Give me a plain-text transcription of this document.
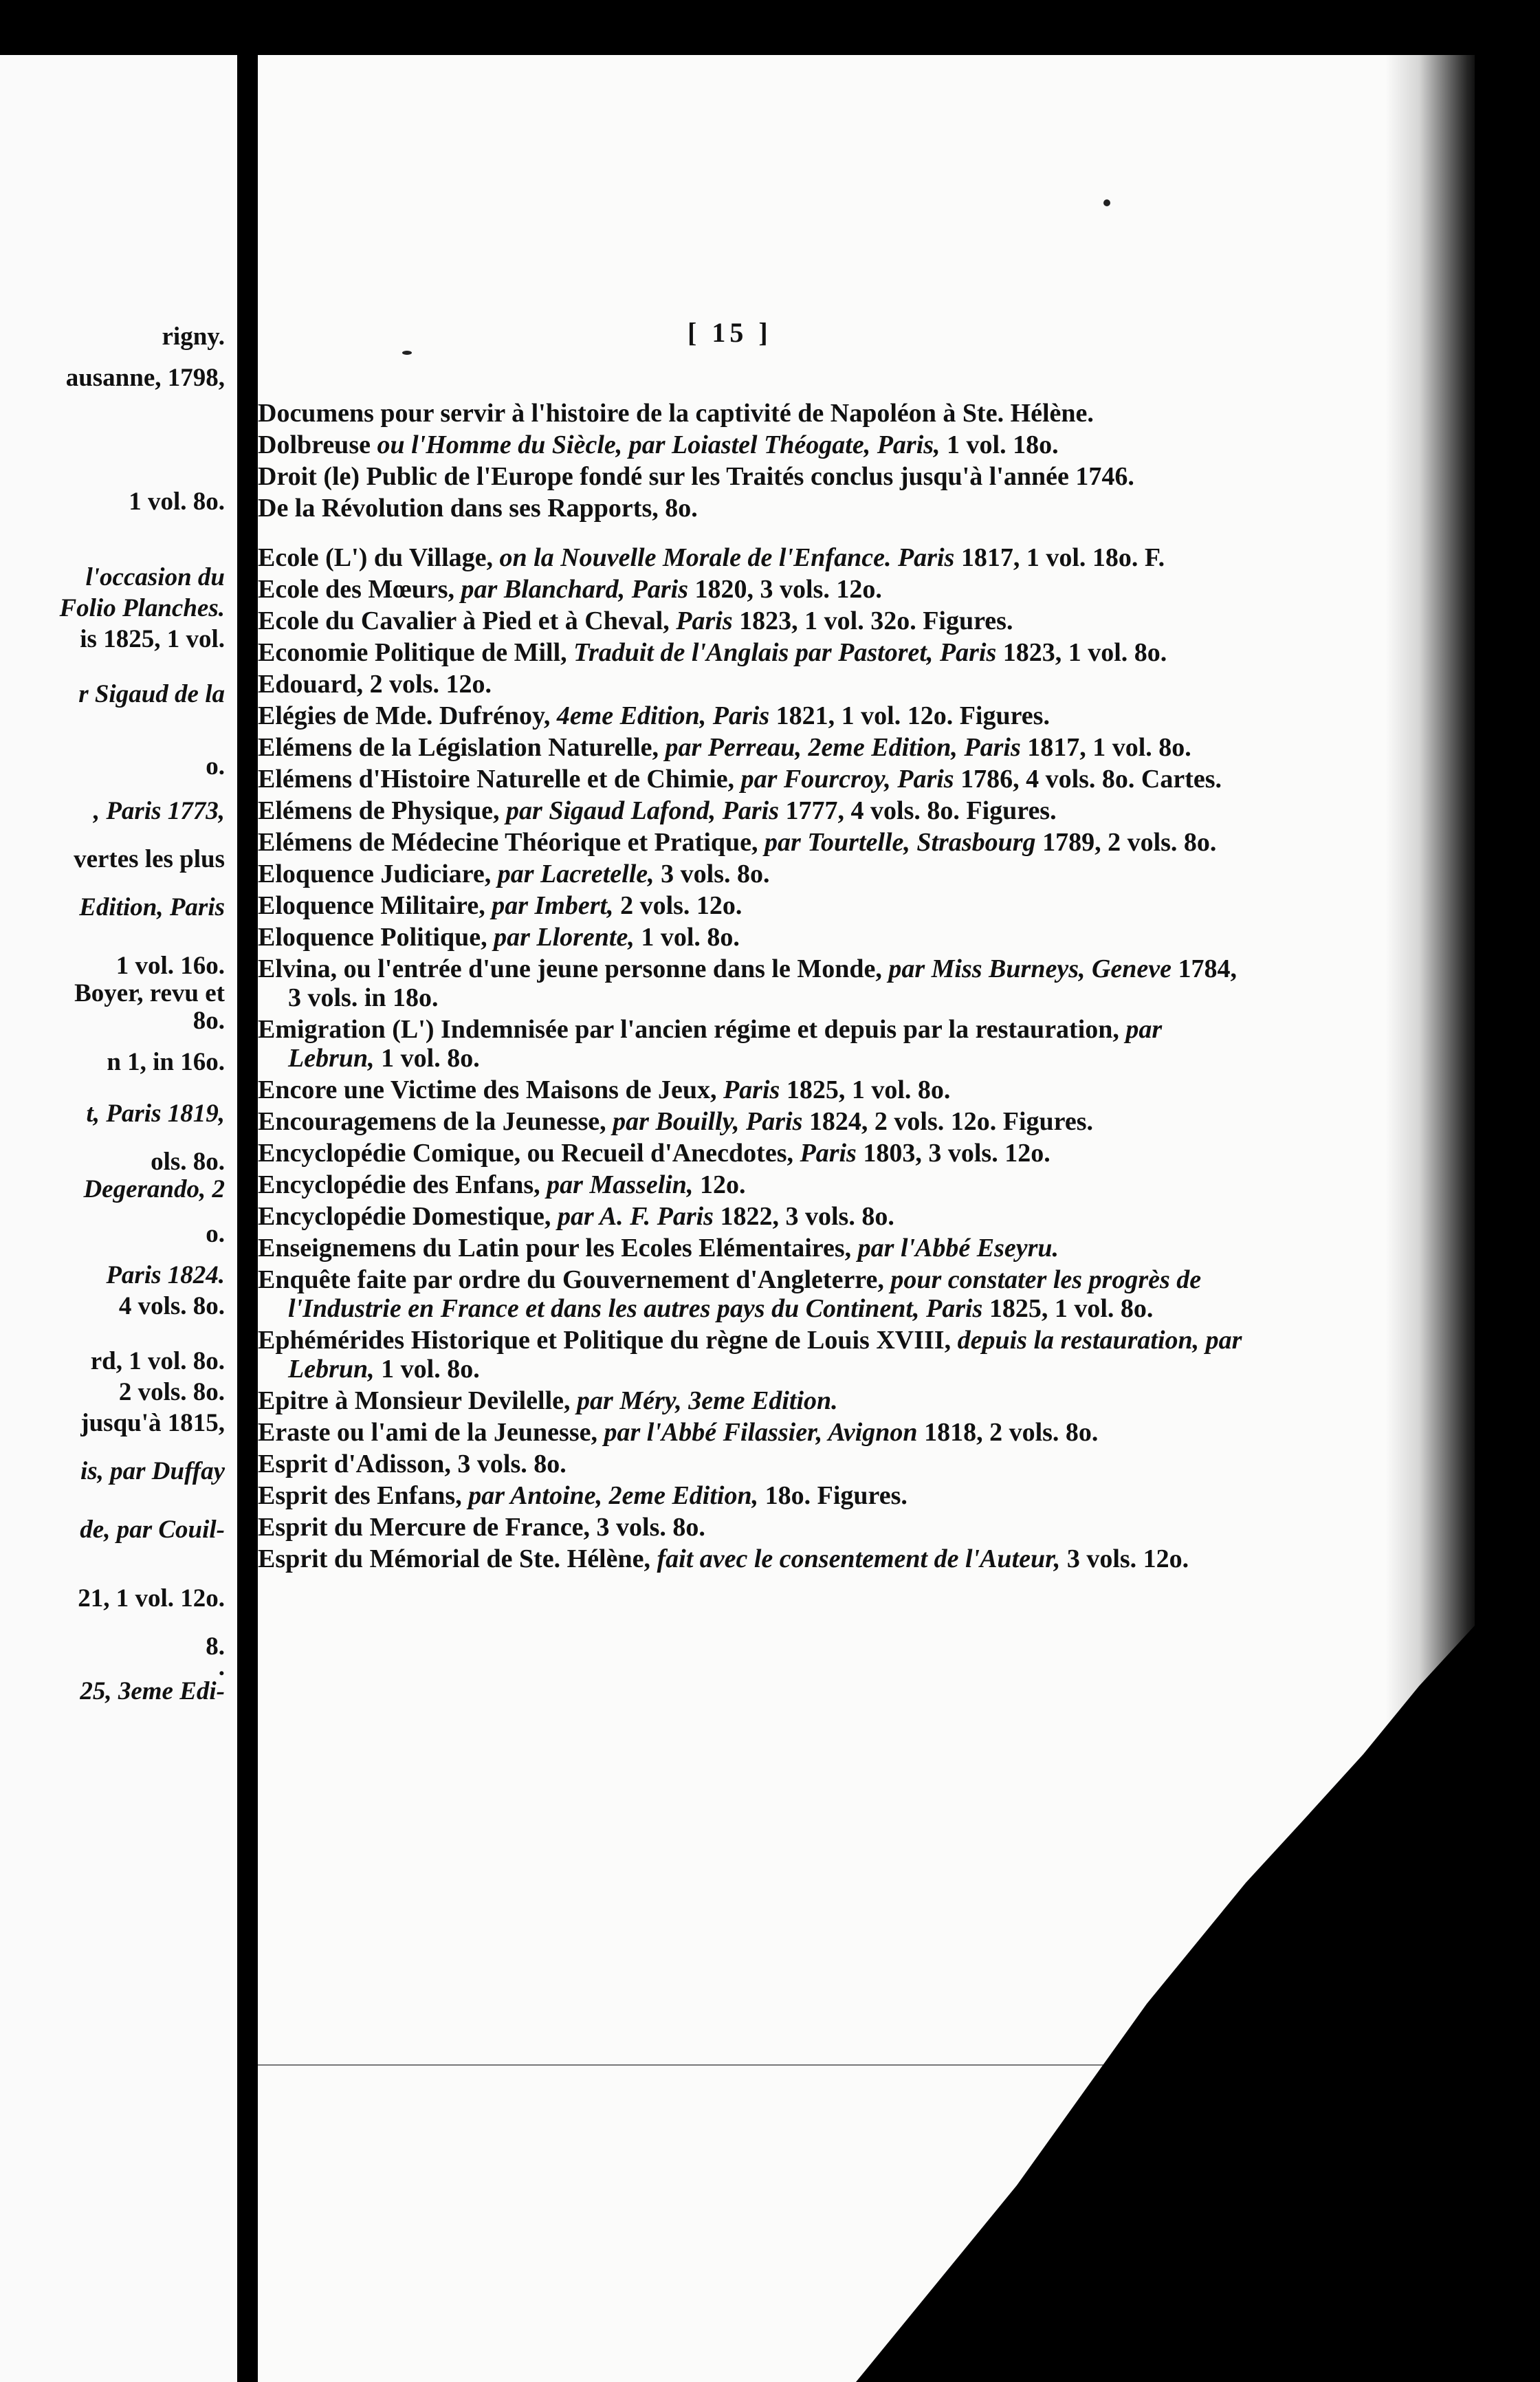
rigny.
ausanne, 1798,
1 vol. 8o.
l'occasion du
Folio Planches.
is 1825, 1 vol.
r Sigaud de la
o.
, Paris 1773,
vertes les plus
Edition, Paris
1 vol. 16o.
Boyer, revu et
8o.
n 1, in 16o.
t, Paris 1819,
ols. 8o.
Degerando, 2
o.
Paris 1824.
4 vols. 8o.
rd, 1 vol. 8o.
2 vols. 8o.
jusqu'à 1815,
is, par Duffay
de, par Couil-
21, 1 vol. 12o.
8.
.
25, 3eme Edi-
[ 15 ]
Documens pour servir à l'histoire de la captivité de Napoléon à Ste. Hélène.
Dolbreuse ou l'Homme du Siècle, par Loiastel Théogate, Paris, 1 vol. 18o.
Droit (le) Public de l'Europe fondé sur les Traités conclus jusqu'à l'année 1746.
De la Révolution dans ses Rapports, 8o.
Ecole (L') du Village, on la Nouvelle Morale de l'Enfance. Paris 1817, 1 vol. 18o. F.
Ecole des Mœurs, par Blanchard, Paris 1820, 3 vols. 12o.
Ecole du Cavalier à Pied et à Cheval, Paris 1823, 1 vol. 32o. Figures.
Economie Politique de Mill, Traduit de l'Anglais par Pastoret, Paris 1823, 1 vol. 8o.
Edouard, 2 vols. 12o.
Elégies de Mde. Dufrénoy, 4eme Edition, Paris 1821, 1 vol. 12o. Figures.
Elémens de la Législation Naturelle, par Perreau, 2eme Edition, Paris 1817, 1 vol. 8o.
Elémens d'Histoire Naturelle et de Chimie, par Fourcroy, Paris 1786, 4 vols. 8o. Cartes.
Elémens de Physique, par Sigaud Lafond, Paris 1777, 4 vols. 8o. Figures.
Elémens de Médecine Théorique et Pratique, par Tourtelle, Strasbourg 1789, 2 vols. 8o.
Eloquence Judiciare, par Lacretelle, 3 vols. 8o.
Eloquence Militaire, par Imbert, 2 vols. 12o.
Eloquence Politique, par Llorente, 1 vol. 8o.
Elvina, ou l'entrée d'une jeune personne dans le Monde, par Miss Burneys, Geneve 1784, 3 vols. in 18o.
Emigration (L') Indemnisée par l'ancien régime et depuis par la restauration, par Lebrun, 1 vol. 8o.
Encore une Victime des Maisons de Jeux, Paris 1825, 1 vol. 8o.
Encouragemens de la Jeunesse, par Bouilly, Paris 1824, 2 vols. 12o. Figures.
Encyclopédie Comique, ou Recueil d'Anecdotes, Paris 1803, 3 vols. 12o.
Encyclopédie des Enfans, par Masselin, 12o.
Encyclopédie Domestique, par A. F. Paris 1822, 3 vols. 8o.
Enseignemens du Latin pour les Ecoles Elémentaires, par l'Abbé Eseyru.
Enquête faite par ordre du Gouvernement d'Angleterre, pour constater les progrès de l'Industrie en France et dans les autres pays du Continent, Paris 1825, 1 vol. 8o.
Ephémérides Historique et Politique du règne de Louis XVIII, depuis la restauration, par Lebrun, 1 vol. 8o.
Epitre à Monsieur Devilelle, par Méry, 3eme Edition.
Eraste ou l'ami de la Jeunesse, par l'Abbé Filassier, Avignon 1818, 2 vols. 8o.
Esprit d'Adisson, 3 vols. 8o.
Esprit des Enfans, par Antoine, 2eme Edition, 18o. Figures.
Esprit du Mercure de France, 3 vols. 8o.
Esprit du Mémorial de Ste. Hélène, fait avec le consentement de l'Auteur, 3 vols. 12o.
